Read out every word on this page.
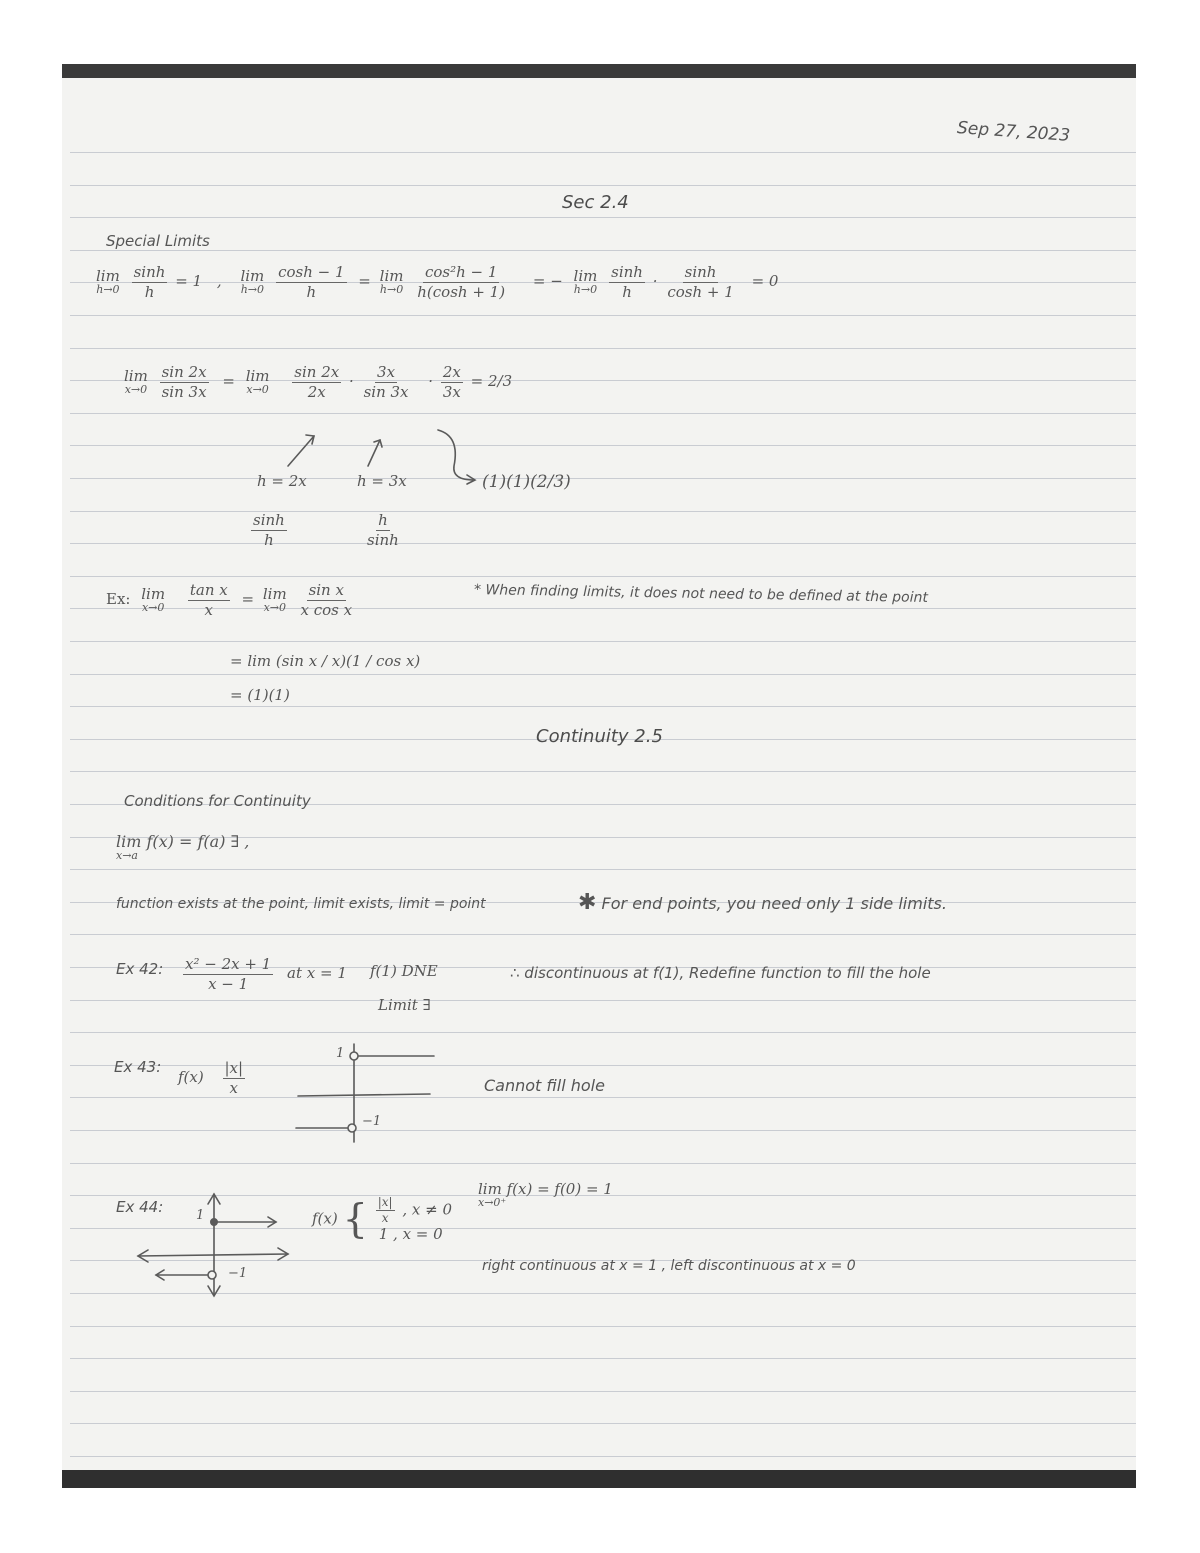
Sep 27, 2023
Sec 2.4
Special Limits
lim
h→0
$\frac{\sinh}{h} = 1$ , lim
h→0
$\frac{\cosh - 1}{h} = \lim$
h→0
$\frac{\text{cos²h − 1}}{h(\cosh + 1)}$ = − lim
h→0
$\frac{\sinh}{h} \cdot \frac{\sinh}{\cosh + 1} = 0$
lim
x→0
$\frac{\sin 2x}{\sin 3x} = \lim$
x→0
$\frac{\sin 2x}{2x} \cdot \frac{3x}{\sin 3x} \cdot \frac{2x}{3x} = 2/3$
h = 2x	h = 3x	(1)(1)(2/3)
$\frac{\sinh}{h}$	$\frac{h}{\sinh}$
Ex: lim
x→0
$\frac{\text{tan x}}{x} = \lim$
x→0
$\frac{\text{sin x}}{\text{x cos x}}$
= lim (sin x / x)(1 / cos x)
= (1)(1)
* When finding limits, it does not need to be defined at the point
Continuity 2.5
Conditions for Continuity
lim f(x) = f(a) ∃ ,
x→a
function exists at the point, limit exists, limit = point	✱ For end points, you need only 1 side limits.
Ex 42: $\frac{\text{x² − 2x + 1}}{x - 1}$ at x = 1 f(1) DNE
Limit ∃
∴ discontinuous at f(1), Redefine function to fill the hole
Ex 43:
$f(x) \frac{|x|}{x}$
1
−1
Cannot fill hole
Ex 44:	1
−1
f(x) { $\frac{|x|}{x}$ , x ≠ 0
1 , x = 0
lim f(x) = f(0) = 1
x→0⁺
right continuous at x = 1 , left discontinuous at x = 0
